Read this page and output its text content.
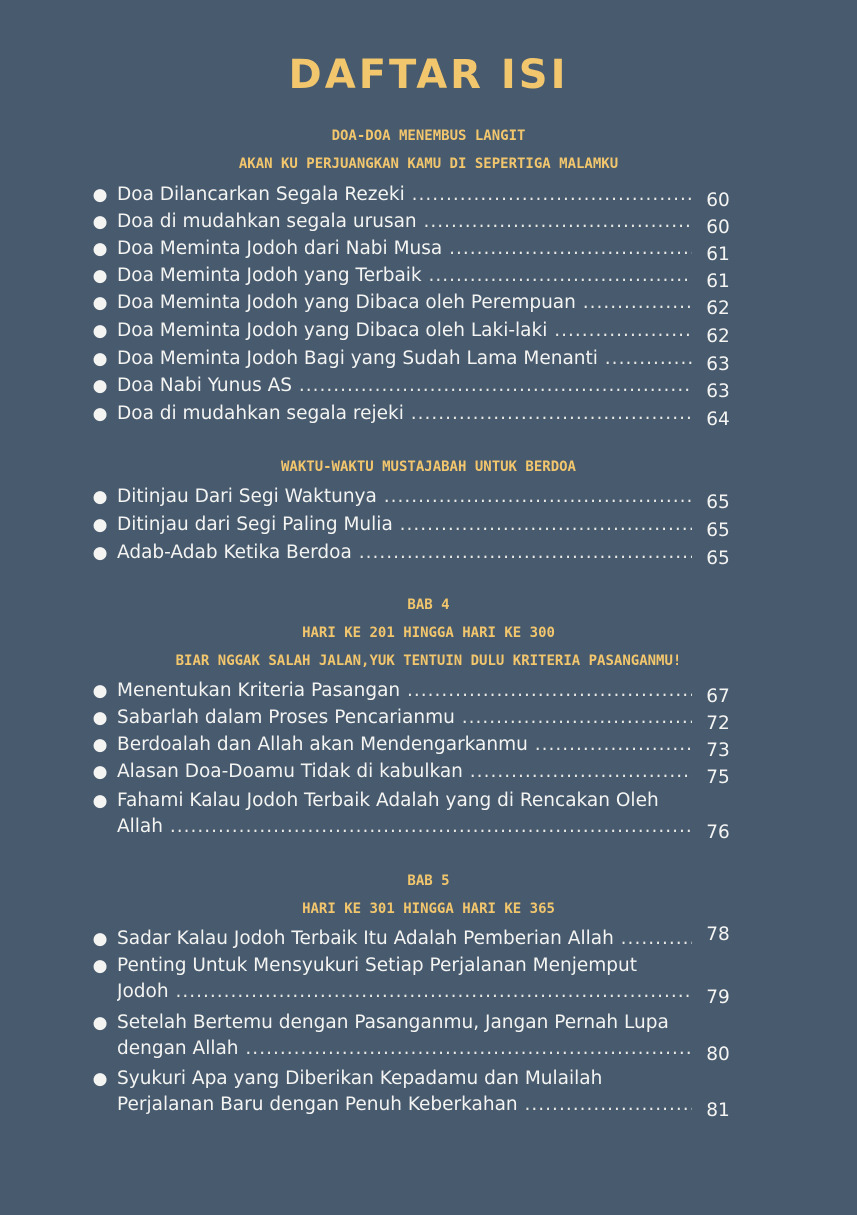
DAFTAR ISI
DOA-DOA MENEMBUS LANGIT
AKAN KU PERJUANGKAN KAMU DI SEPERTIGA MALAMKU
● Doa Dilancarkan Segala Rezeki .....	60
● Doa di mudahkan segala urusan .....	60
● Doa Meminta Jodoh dari Nabi Musa .....	61
● Doa Meminta Jodoh yang Terbaik .....	61
● Doa Meminta Jodoh yang Dibaca oleh Perempuan .....	62
● Doa Meminta Jodoh yang Dibaca oleh Laki-laki .....	62
● Doa Meminta Jodoh Bagi yang Sudah Lama Menanti .....	63
● Doa Nabi Yunus AS .....	63
● Doa di mudahkan segala rejeki .....	64
WAKTU-WAKTU MUSTAJABAH UNTUK BERDOA
● Ditinjau Dari Segi Waktunya .....	65
● Ditinjau dari Segi Paling Mulia .....	65
● Adab-Adab Ketika Berdoa .....	65
BAB 4
HARI KE 201 HINGGA HARI KE 300
BIAR NGGAK SALAH JALAN,YUK TENTUIN DULU KRITERIA PASANGANMU!
● Menentukan Kriteria Pasangan .....	67
● Sabarlah dalam Proses Pencarianmu .....	72
● Berdoalah dan Allah akan Mendengarkanmu .....	73
● Alasan Doa-Doamu Tidak di kabulkan .....	75
● Fahami Kalau Jodoh Terbaik Adalah yang di Rencakan Oleh
Allah .....	76
BAB 5
HARI KE 301 HINGGA HARI KE 365
● Sadar Kalau Jodoh Terbaik Itu Adalah Pemberian Allah .....	78
● Penting Untuk Mensyukuri Setiap Perjalanan Menjemput
Jodoh .....	79
● Setelah Bertemu dengan Pasanganmu, Jangan Pernah Lupa
dengan Allah .....	80
● Syukuri Apa yang Diberikan Kepadamu dan Mulailah
Perjalanan Baru dengan Penuh Keberkahan .....	81
